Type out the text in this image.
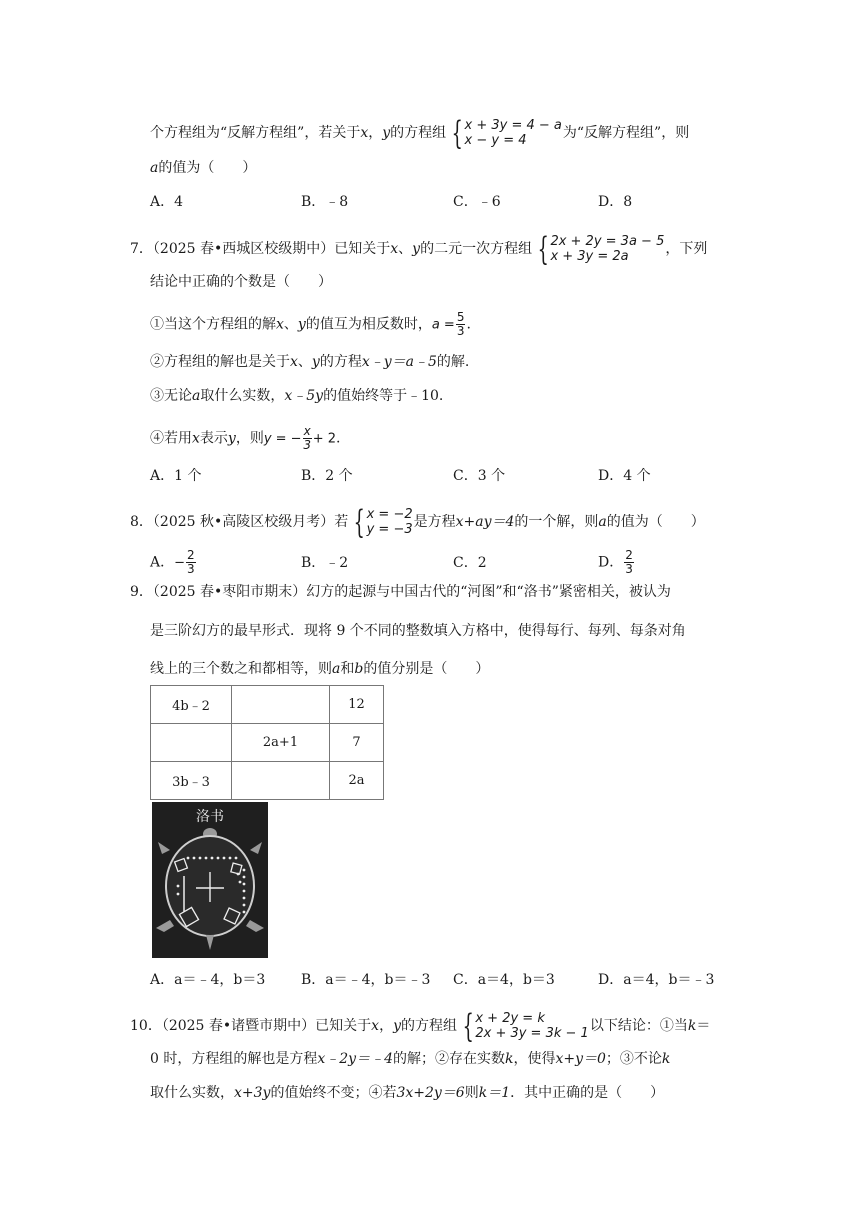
个方程组为“反解方程组”，若关于x，y的方程组 { x + 3y = 4 − a
x − y = 4	为“反解方程组”，则
a的值为（　　）
A．4	B．﹣8	C．﹣6	D．8
7．（2025 春•西城区校级期中）已知关于x、y的二元一次方程组 { 2x + 2y = 3a − 5
x + 3y = 2a	，下列
结论中正确的个数是（　　）
①当这个方程组的解x、y的值互为相反数时，$a = \frac{5}{3}$ .
②方程组的解也是关于x、y的方程x﹣y＝a﹣5的解.
③无论a取什么实数，x﹣5y的值始终等于﹣10.
④若用x表示y，则y = − $\frac{x}{3} + 2$.
A．1 个	B．2 个	C．3 个	D．4 个
8．（2025 秋•高陵区校级月考）若 { x = −2
y = −3 是方程x+ay＝4的一个解，则a的值为（　　）
A．− $\frac{2}{3}$	B．﹣2	C．2	D． $\frac{2}{3}$
9．（2025 春•枣阳市期末）幻方的起源与中国古代的“河图”和“洛书”紧密相关，被认为
是三阶幻方的最早形式．现将 9 个不同的整数填入方格中，使得每行、每列、每条对角
线上的三个数之和都相等，则a和b的值分别是（　　）
4b﹣2		12
	2a+1	7
3b﹣3		2a
洛书
A．a＝﹣4，b＝3	B．a＝﹣4，b＝﹣3 C．a＝4，b＝3	D．a＝4，b＝﹣3
10．（2025 春•诸暨市期中）已知关于x，y的方程组 { x + 2y = k
2x + 3y = 3k − 1 以下结论：①当k＝
0 时，方程组的解也是方程x﹣2y＝﹣4的解；②存在实数k，使得x+y＝0；③不论k
取什么实数，x+3y的值始终不变；④若3x+2y＝6则k＝1．其中正确的是（　　）
